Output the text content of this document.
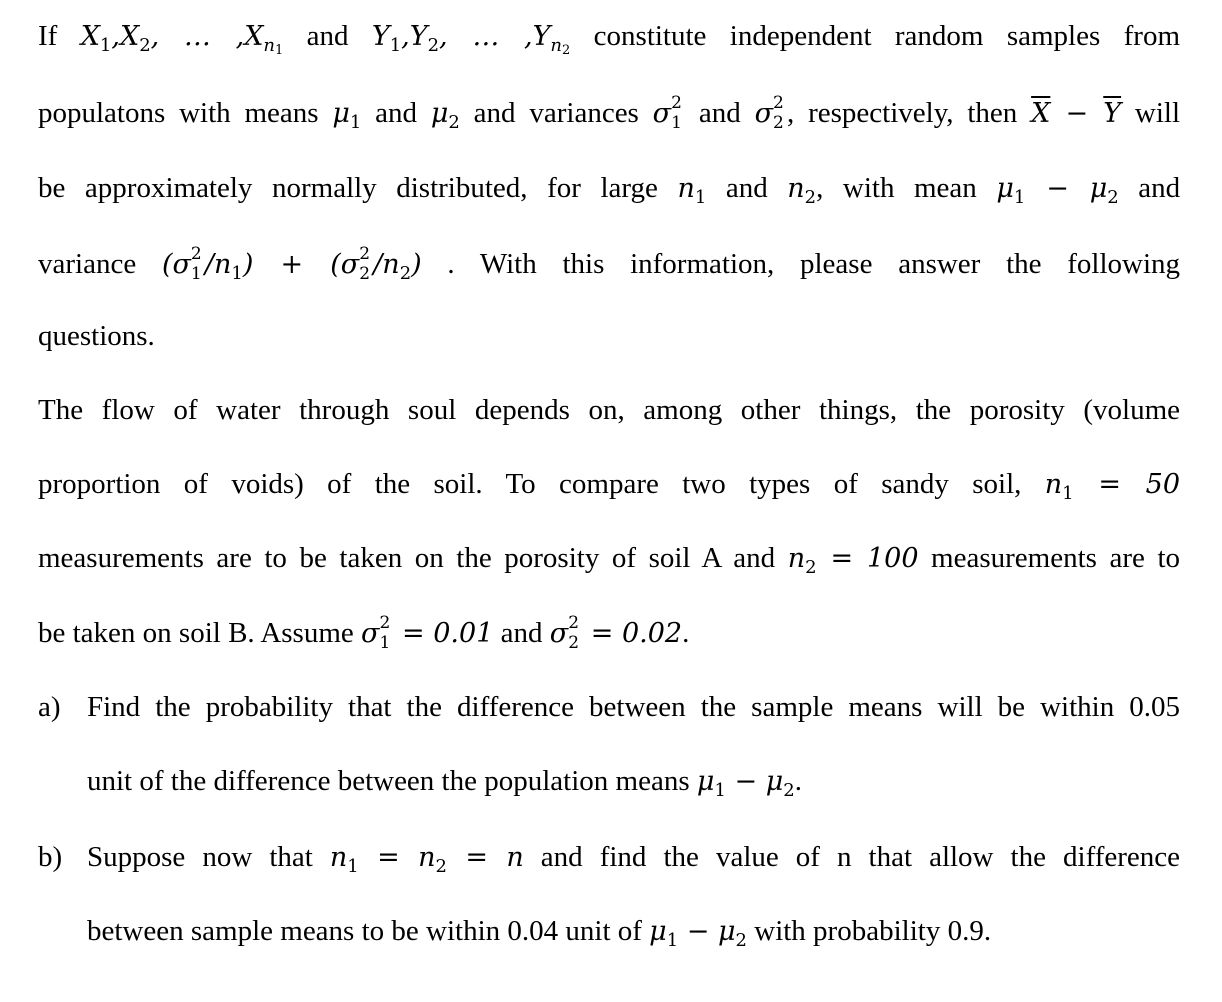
If $X_1,X_2$, … $,X_{n1}$ and $Y_1,Y_2$, … $,Y_{n2}$ constitute independent random samples from
populatons with means $\mu_1$ and $\mu_2$ and variances σ 2
1 and σ 2
2 , respectively, then $\overline{X} - \overline{Y}$ will
be approximately normally distributed, for large $n_1$ and $n_2$, with mean $\mu_1 - \mu_2$ and
variance (σ 2
1 $/n_1) + (\sigma$ 2
2 $/n_2$) . With this information, please answer the following
questions.
The flow of water through soul depends on, among other things, the porosity (volume
proportion of voids) of the soil. To compare two types of sandy soil, $n_1 = 50$
measurements are to be taken on the porosity of soil A and $n_2 = 100$ measurements are to
be taken on soil B. Assume σ 2
1 = 0.01 and σ 2
2 = 0.02.
a) Find the probability that the difference between the sample means will be within 0.05
unit of the difference between the population means $\mu_1 - \mu_2$.
b) Suppose now that $n_1 = n_2 = n$ and find the value of n that allow the difference
between sample means to be within 0.04 unit of $\mu_1 - \mu_2$ with probability 0.9.
